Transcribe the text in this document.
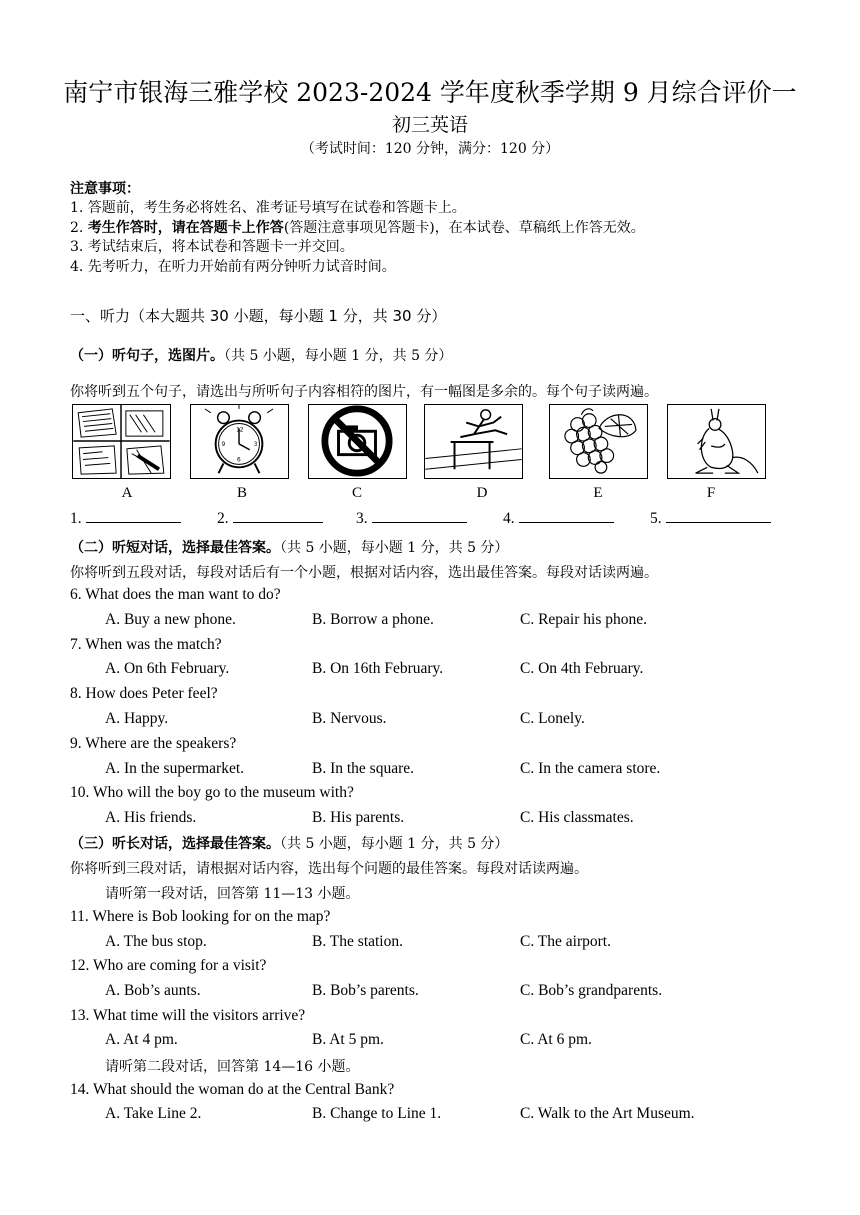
南宁市银海三雅学校 2023-2024 学年度秋季学期 9 月综合评价一
初三英语
（考试时间：120 分钟，满分：120 分）
注意事项：
1. 答题前，考生务必将姓名、准考证号填写在试卷和答题卡上。
2. 考生作答时，请在答题卡上作答(答题注意事项见答题卡)，在本试卷、草稿纸上作答无效。
3. 考试结束后，将本试卷和答题卡一并交回。
4. 先考听力，在听力开始前有两分钟听力试音时间。
一、听力（本大题共 30 小题，每小题 1 分，共 30 分）
（一）听句子，选图片。（共 5 小题，每小题 1 分，共 5 分）
你将听到五个句子，请选出与所听句子内容相符的图片，有一幅图是多余的。每个句子读两遍。
12
3
6
9
A	B	C	D	E	F
1.	2.	3.	4.	5.
（二）听短对话，选择最佳答案。（共 5 小题，每小题 1 分，共 5 分）
你将听到五段对话，每段对话后有一个小题，根据对话内容，选出最佳答案。每段对话读两遍。
6. What does the man want to do?
A. Buy a new phone.	B. Borrow a phone.	C. Repair his phone.
7. When was the match?
A. On 6th February.	B. On 16th February.	C. On 4th February.
8. How does Peter feel?
A. Happy.	B. Nervous.	C. Lonely.
9. Where are the speakers?
A. In the supermarket.	B. In the square.	C. In the camera store.
10. Who will the boy go to the museum with?
A. His friends.	B. His parents.	C. His classmates.
（三）听长对话，选择最佳答案。（共 5 小题，每小题 1 分，共 5 分）
你将听到三段对话，请根据对话内容，选出每个问题的最佳答案。每段对话读两遍。
请听第一段对话，回答第 11—13 小题。
11. Where is Bob looking for on the map?
A. The bus stop.	B. The station.	C. The airport.
12. Who are coming for a visit?
A. Bob’s aunts.	B. Bob’s parents.	C. Bob’s grandparents.
13. What time will the visitors arrive?
A. At 4 pm.	B. At 5 pm.	C. At 6 pm.
请听第二段对话，回答第 14—16 小题。
14. What should the woman do at the Central Bank?
A. Take Line 2.	B. Change to Line 1.	C. Walk to the Art Museum.
